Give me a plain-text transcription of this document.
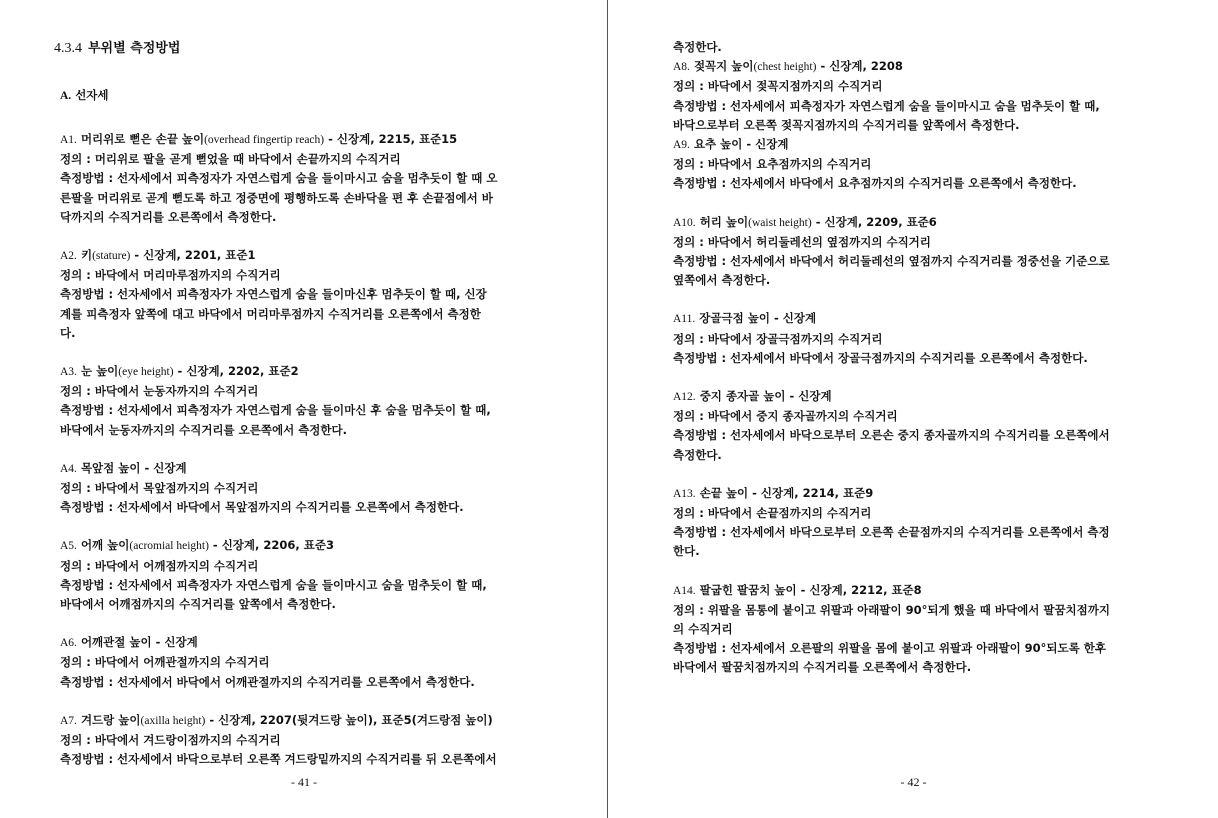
4.3.4 부위별 측정방법
A. 선자세
A1. 머리위로 뻗은 손끝 높이(overhead fingertip reach) - 신장계, 2215, 표준15
정의 : 머리위로 팔을 곧게 뻗었을 때 바닥에서 손끝까지의 수직거리
측정방법 : 선자세에서 피측정자가 자연스럽게 숨을 들이마시고 숨을 멈추듯이 할 때 오
른팔을 머리위로 곧게 뻗도록 하고 정중면에 평행하도록 손바닥을 편 후 손끝점에서 바
닥까지의 수직거리를 오른쪽에서 측정한다.
A2. 키(stature) - 신장계, 2201, 표준1
정의 : 바닥에서 머리마루점까지의 수직거리
측정방법 : 선자세에서 피측정자가 자연스럽게 숨을 들이마신후 멈추듯이 할 때, 신장
계를 피측정자 앞쪽에 대고 바닥에서 머리마루점까지 수직거리를 오른쪽에서 측정한
다.
A3. 눈 높이(eye height) - 신장계, 2202, 표준2
정의 : 바닥에서 눈동자까지의 수직거리
측정방법 : 선자세에서 피측정자가 자연스럽게 숨을 들이마신 후 숨을 멈추듯이 할 때,
바닥에서 눈동자까지의 수직거리를 오른쪽에서 측정한다.
A4. 목앞점 높이 - 신장계
정의 : 바닥에서 목앞점까지의 수직거리
측정방법 : 선자세에서 바닥에서 목앞점까지의 수직거리를 오른쪽에서 측정한다.
A5. 어깨 높이(acromial height) - 신장계, 2206, 표준3
정의 : 바닥에서 어깨점까지의 수직거리
측정방법 : 선자세에서 피측정자가 자연스럽게 숨을 들이마시고 숨을 멈추듯이 할 때,
바닥에서 어깨점까지의 수직거리를 앞쪽에서 측정한다.
A6. 어깨관절 높이 - 신장계
정의 : 바닥에서 어깨관절까지의 수직거리
측정방법 : 선자세에서 바닥에서 어깨관절까지의 수직거리를 오른쪽에서 측정한다.
A7. 겨드랑 높이(axilla height) - 신장계, 2207(뒷겨드랑 높이), 표준5(겨드랑점 높이)
정의 : 바닥에서 겨드랑이점까지의 수직거리
측정방법 : 선자세에서 바닥으로부터 오른쪽 겨드랑밑까지의 수직거리를 뒤 오른쪽에서
- 41 -
측정한다.
A8. 젖꼭지 높이(chest height) - 신장계, 2208
정의 : 바닥에서 젖꼭지점까지의 수직거리
측정방법 : 선자세에서 피측정자가 자연스럽게 숨을 들이마시고 숨을 멈추듯이 할 때,
바닥으로부터 오른쪽 젖꼭지점까지의 수직거리를 앞쪽에서 측정한다.
A9. 요추 높이 - 신장계
정의 : 바닥에서 요추점까지의 수직거리
측정방법 : 선자세에서 바닥에서 요추점까지의 수직거리를 오른쪽에서 측정한다.
A10. 허리 높이(waist height) - 신장계, 2209, 표준6
정의 : 바닥에서 허리둘레선의 옆점까지의 수직거리
측정방법 : 선자세에서 바닥에서 허리둘레선의 옆점까지 수직거리를 정중선을 기준으로
옆쪽에서 측정한다.
A11. 장골극점 높이 - 신장계
정의 : 바닥에서 장골극점까지의 수직거리
측정방법 : 선자세에서 바닥에서 장골극점까지의 수직거리를 오른쪽에서 측정한다.
A12. 중지 종자골 높이 - 신장계
정의 : 바닥에서 중지 종자골까지의 수직거리
측정방법 : 선자세에서 바닥으로부터 오른손 중지 종자골까지의 수직거리를 오른쪽에서
측정한다.
A13. 손끝 높이 - 신장계, 2214, 표준9
정의 : 바닥에서 손끝점까지의 수직거리
측정방법 : 선자세에서 바닥으로부터 오른쪽 손끝점까지의 수직거리를 오른쪽에서 측정
한다.
A14. 팔굽힌 팔꿈치 높이 - 신장계, 2212, 표준8
정의 : 위팔을 몸통에 붙이고 위팔과 아래팔이 90°되게 했을 때 바닥에서 팔꿈치점까지
의 수직거리
측정방법 : 선자세에서 오른팔의 위팔을 몸에 붙이고 위팔과 아래팔이 90°되도록 한후
바닥에서 팔꿈치점까지의 수직거리를 오른쪽에서 측정한다.
- 42 -
